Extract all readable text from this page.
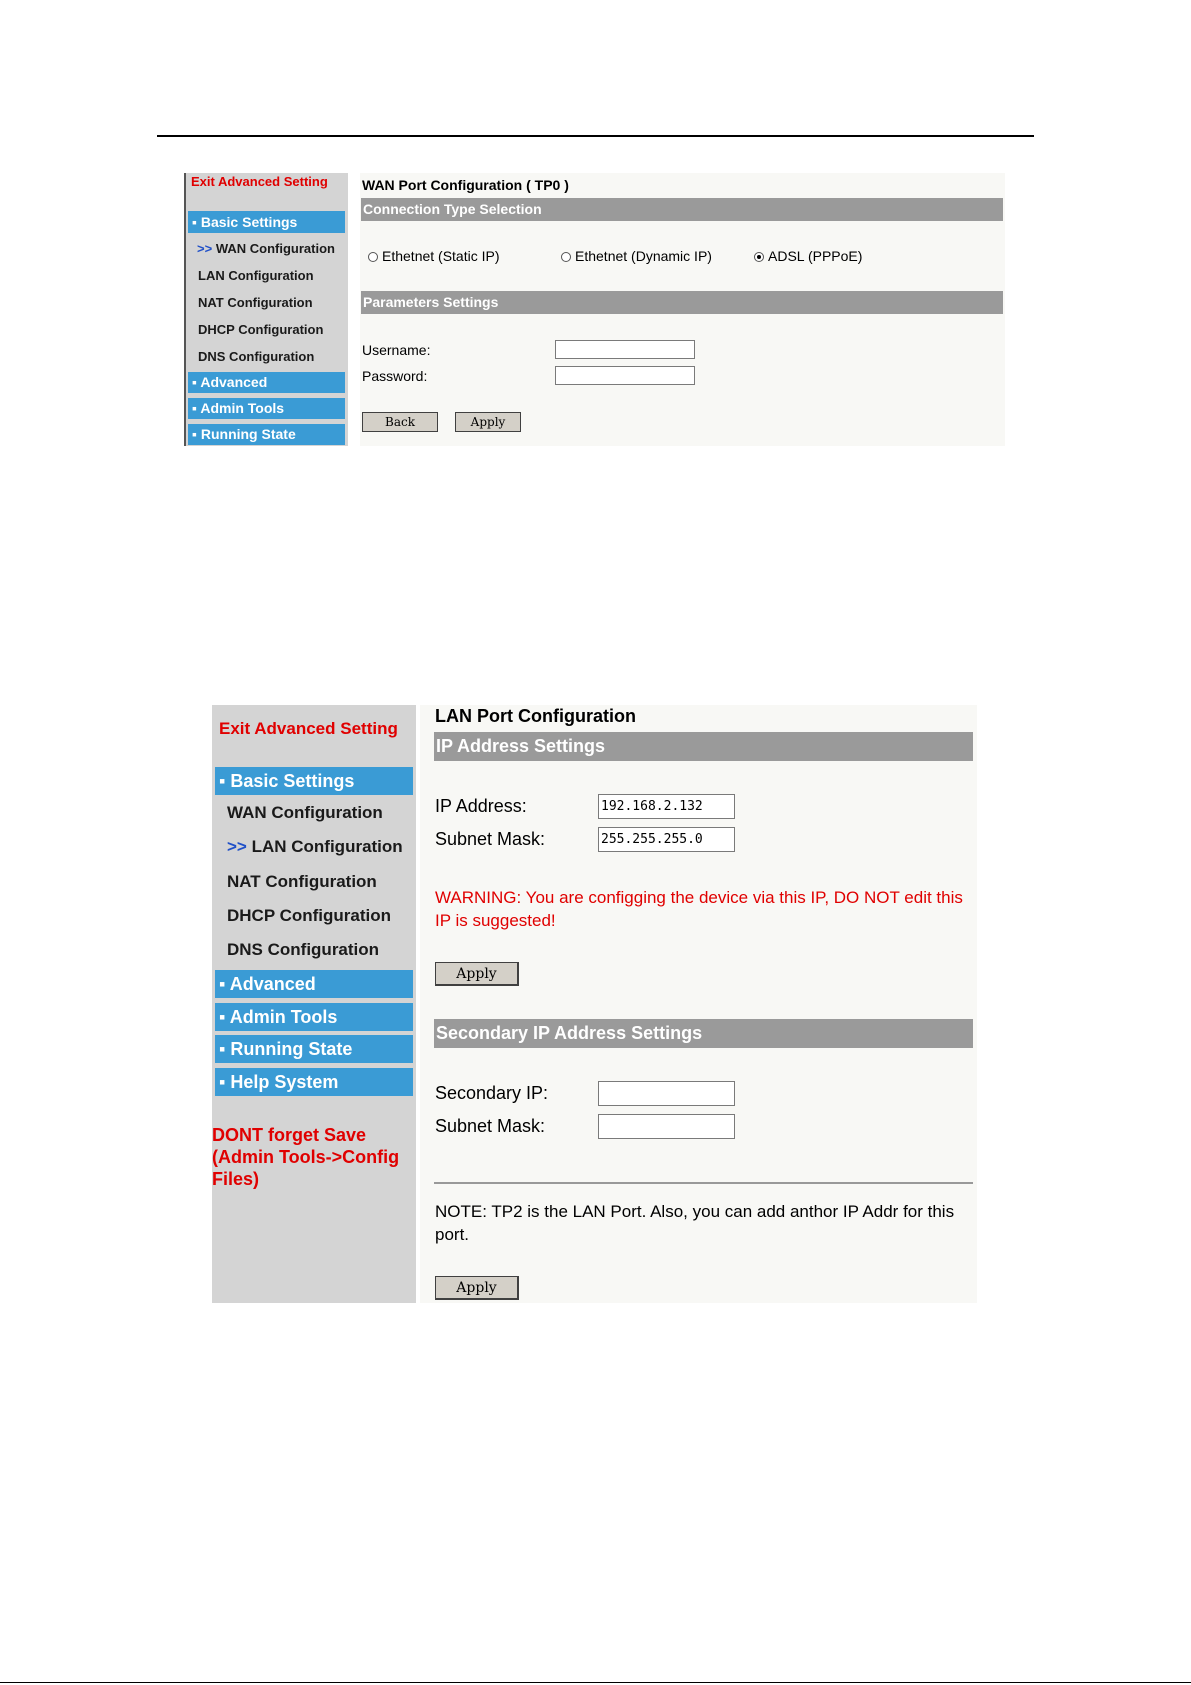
Exit Advanced Setting
▪ Basic Settings
>> WAN Configuration
LAN Configuration
NAT Configuration
DHCP Configuration
DNS Configuration
▪ Advanced
▪ Admin Tools
▪ Running State
WAN Port Configuration ( TP0 )
Connection Type Selection
Ethetnet (Static IP)	Ethetnet (Dynamic IP)	ADSL (PPPoE)
Parameters Settings
Username:
Password:
Back	Apply
Exit Advanced Setting
▪ Basic Settings
WAN Configuration
>> LAN Configuration
NAT Configuration
DHCP Configuration
DNS Configuration
▪ Advanced
▪ Admin Tools
▪ Running State
▪ Help System
DONT forget Save (Admin Tools->Config Files)
LAN Port Configuration
IP Address Settings
IP Address:
192.168.2.132
Subnet Mask:
255.255.255.0
WARNING: You are configging the device via this IP, DO NOT edit this IP is suggested!
Apply
Secondary IP Address Settings
Secondary IP:
Subnet Mask:
NOTE: TP2 is the LAN Port. Also, you can add anthor IP Addr for this port.
Apply
